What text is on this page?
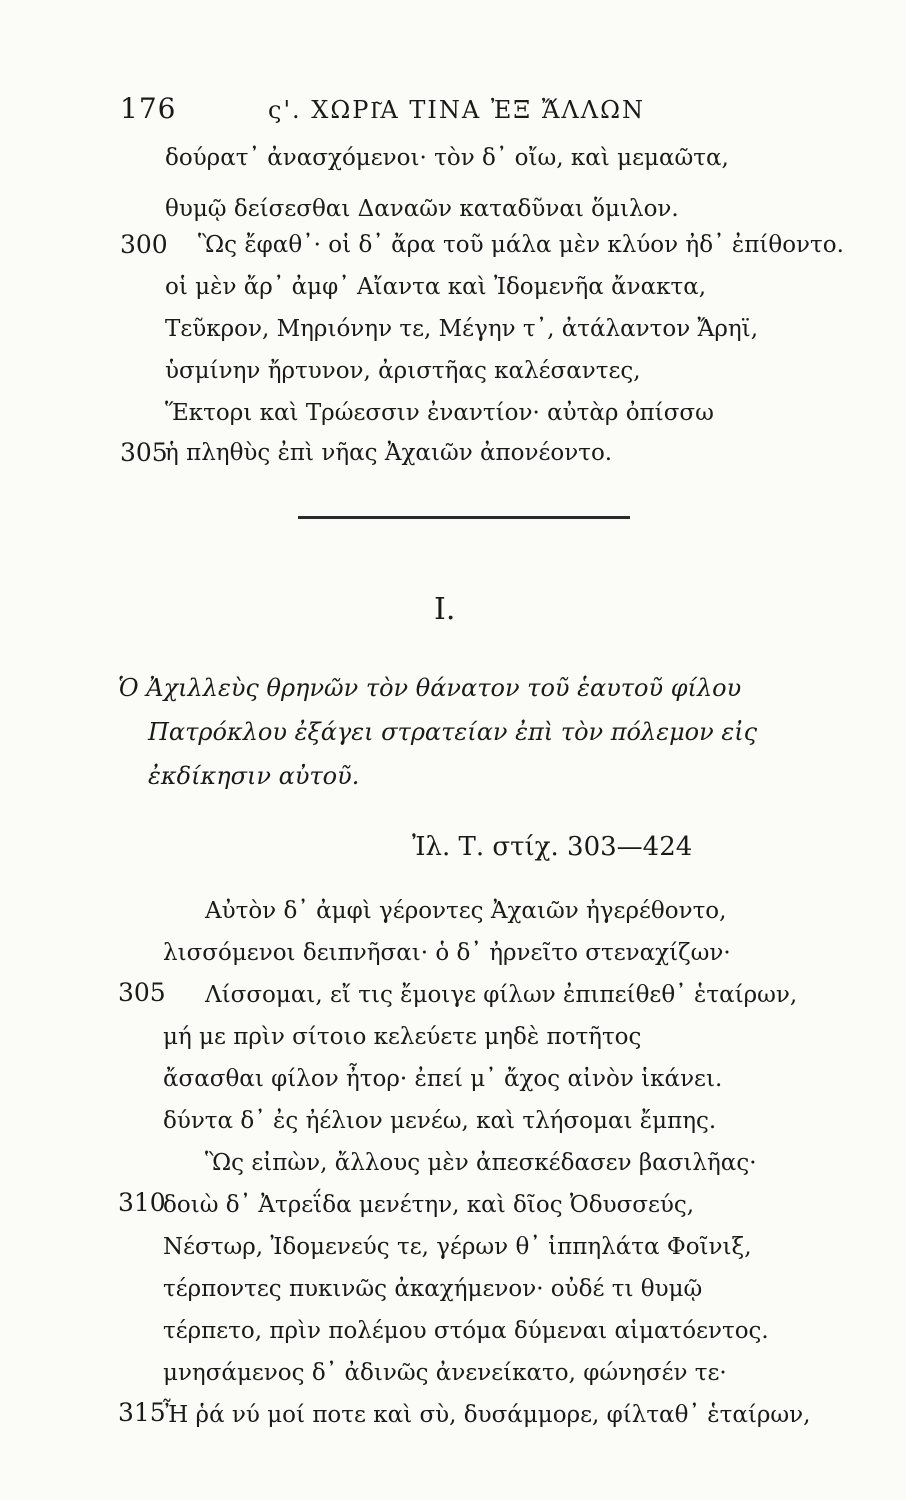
176	ς'. ΧΩΡΙ͂Α ΤΙΝΑ ἘΞ Ἄ́ΛΛΩΝ
δούρατ᾽ ἀνασχόμενοι· τὸν δ᾽ οἴω, καὶ μεμαῶτα,
θυμῷ δείσεσθαι Δαναῶν καταδῦναι ὅμιλον.
300 Ὣς ἔφαθ᾽· οἱ δ᾽ ἄρα τοῦ μάλα μὲν κλύον ἠδ᾽ ἐπίθοντο.
οἱ μὲν ἄρ᾽ ἀμφ᾽ Αἴαντα καὶ Ἰδομενῆα ἄνακτα,
Τεῦκρον, Μηριόνην τε, Μέγην τ᾽, ἀτάλαντον Ἄρηϊ,
ὑσμίνην ἤρτυνον, ἀριστῆας καλέσαντες,
Ἕκτορι καὶ Τρώεσσιν ἐναντίον· αὐτὰρ ὀπίσσω
305
ἡ πληθὺς ἐπὶ νῆας Ἀχαιῶν ἀπονέοντο.
Ι.
Ὁ Ἀχιλλεὺς θρηνῶν τὸν θάνατον τοῦ ἑαυτοῦ φίλου
Πατρόκλου ἐξάγει στρατείαν ἐπὶ τὸν πόλεμον εἰς
ἐκδίκησιν αὐτοῦ.
Ἰλ. Τ. στίχ. 303—424
Αὐτὸν δ᾽ ἀμφὶ γέροντες Ἀχαιῶν ἠγερέθοντο,
λισσόμενοι δειπνῆσαι· ὁ δ᾽ ἠρνεῖτο στεναχίζων·
305 Λίσσομαι, εἴ τις ἔμοιγε φίλων ἐπιπείθεθ᾽ ἑταίρων,
μή με πρὶν σίτοιο κελεύετε μηδὲ ποτῆτος
ἄσασθαι φίλον ἦτορ· ἐπεί μ᾽ ἄχος αἰνὸν ἱκάνει.
δύντα δ᾽ ἐς ἠέλιον μενέω, καὶ τλήσομαι ἔμπης.
Ὣς εἰπὼν, ἄλλους μὲν ἀπεσκέδασεν βασιλῆας·
310
δοιὼ δ᾽ Ἀτρεΐδα μενέτην, καὶ δῖος Ὀδυσσεύς,
Νέστωρ, Ἰδομενεύς τε, γέρων θ᾽ ἱππηλάτα Φοῖνιξ,
τέρποντες πυκινῶς ἀκαχήμενον· οὐδέ τι θυμῷ
τέρπετο, πρὶν πολέμου στόμα δύμεναι αἱματόεντος.
μνησάμενος δ᾽ ἀδινῶς ἀνενείκατο, φώνησέν τε·
315
Ἦ ῥά νύ μοί ποτε καὶ σὺ, δυσάμμορε, φίλταθ᾽ ἑταίρων,
